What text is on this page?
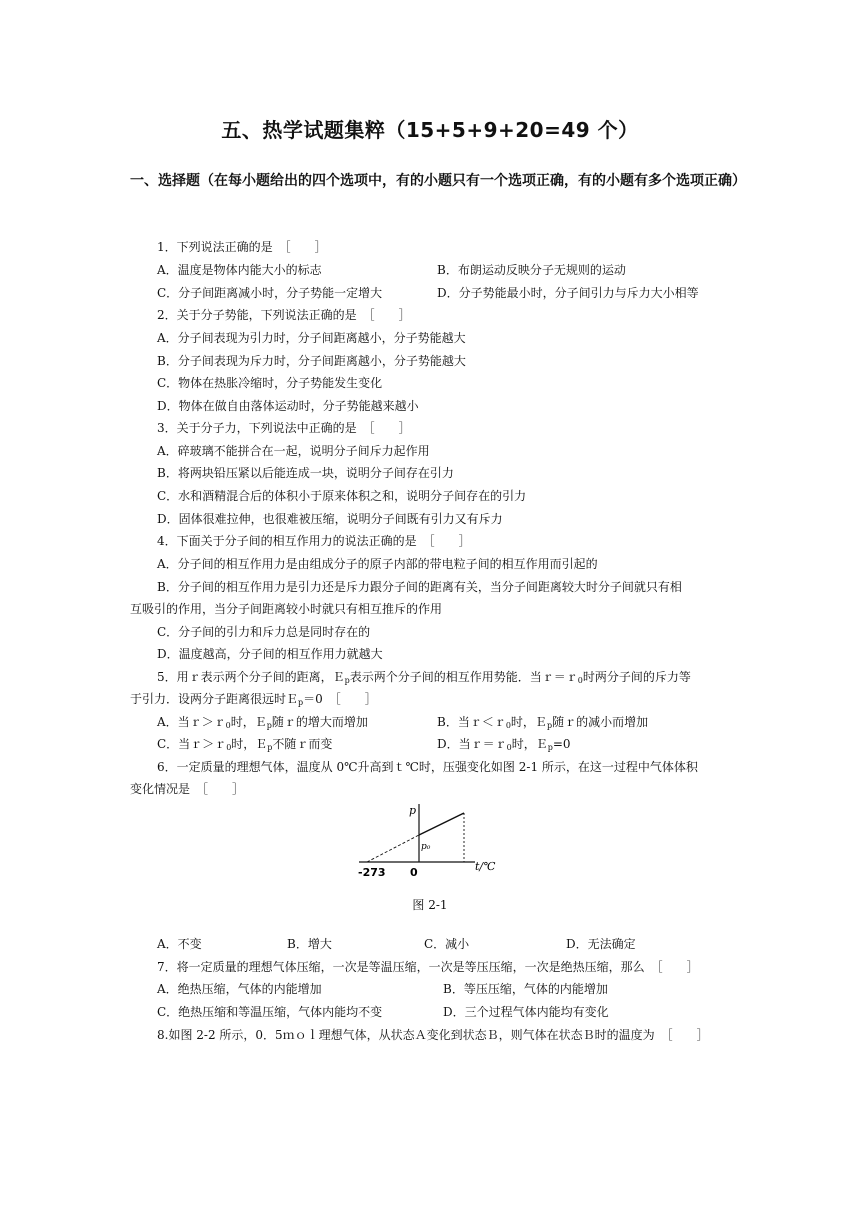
五、热学试题集粹（15+5+9+20=49 个）
一、选择题（在每小题给出的四个选项中，有的小题只有一个选项正确，有的小题有多个选项正确）
1．下列说法正确的是　［　　］
A．温度是物体内能大小的标志	B．布朗运动反映分子无规则的运动
C．分子间距离减小时，分子势能一定增大	D．分子势能最小时，分子间引力与斥力大小相等
2．关于分子势能，下列说法正确的是　［　　］
A．分子间表现为引力时，分子间距离越小，分子势能越大
B．分子间表现为斥力时，分子间距离越小，分子势能越大
C．物体在热胀冷缩时，分子势能发生变化
D．物体在做自由落体运动时，分子势能越来越小
3．关于分子力，下列说法中正确的是　［　　］
A．碎玻璃不能拼合在一起，说明分子间斥力起作用
B．将两块铅压紧以后能连成一块，说明分子间存在引力
C．水和酒精混合后的体积小于原来体积之和，说明分子间存在的引力
D．固体很难拉伸，也很难被压缩，说明分子间既有引力又有斥力
4．下面关于分子间的相互作用力的说法正确的是　［　　］
A．分子间的相互作用力是由组成分子的原子内部的带电粒子间的相互作用而引起的
B．分子间的相互作用力是引力还是斥力跟分子间的距离有关，当分子间距离较大时分子间就只有相
互吸引的作用，当分子间距离较小时就只有相互推斥的作用
C．分子间的引力和斥力总是同时存在的
D．温度越高，分子间的相互作用力就越大
5．用ｒ表示两个分子间的距离，Ｅ$_p$表示两个分子间的相互作用势能．当ｒ＝ｒ$_0$时两分子间的斥力等
于引力．设两分子距离很远时Ｅ$_p$＝0　［　　］
A．当ｒ＞ｒ$_0$时，Ｅ$_p$随ｒ的增大而增加	B．当ｒ＜ｒ$_0$时，Ｅ$_p$随ｒ的减小而增加
C．当ｒ＞ｒ$_0$时，Ｅ$_p$不随ｒ而变	D．当ｒ＝ｒ$_0$时，Ｅ$_p$=0
6．一定质量的理想气体，温度从 0℃升高到ｔ℃时，压强变化如图 2-1 所示，在这一过程中气体体积
变化情况是　［　　］
p
p₀
-273 0	t/℃
图 2-1
A．不变	B．增大	C．减小	D．无法确定
7．将一定质量的理想气体压缩，一次是等温压缩，一次是等压压缩，一次是绝热压缩，那么　［　　］
A．绝热压缩，气体的内能增加	B．等压压缩，气体的内能增加
C．绝热压缩和等温压缩，气体内能均不变	D．三个过程气体内能均有变化
8.如图 2-2 所示，0．5ｍｏｌ理想气体，从状态Ａ变化到状态Ｂ，则气体在状态Ｂ时的温度为　［　　］
